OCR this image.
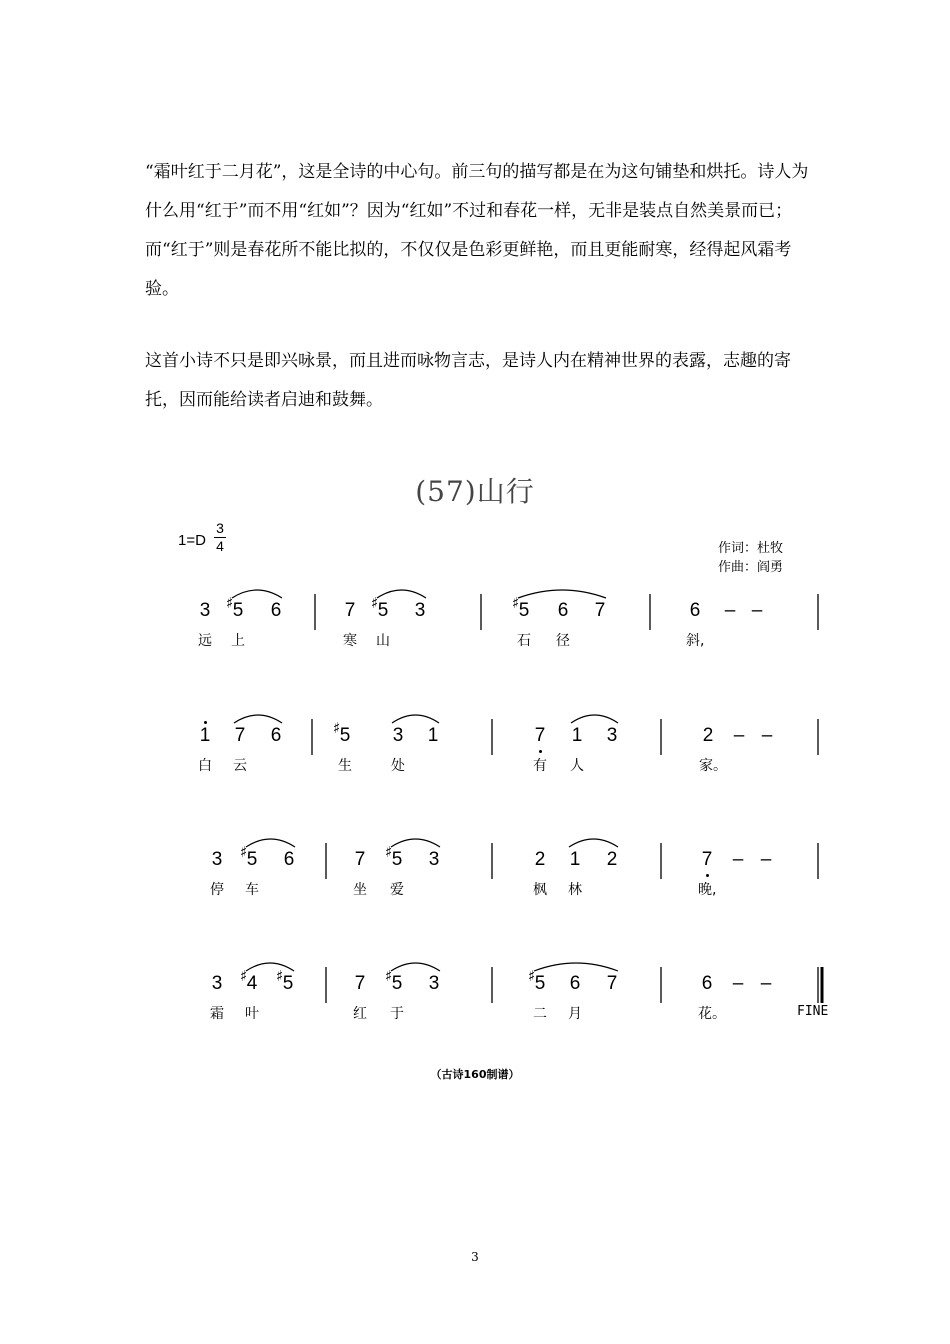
“霜叶红于二月花”，这是全诗的中心句。前三句的描写都是在为这句铺垫和烘托。诗人为什么用“红于”而不用“红如”？因为“红如”不过和春花一样，无非是装点自然美景而已；而“红于”则是春花所不能比拟的，不仅仅是色彩更鲜艳，而且更能耐寒，经得起风霜考验。

这首小诗不只是即兴咏景，而且进而咏物言志，是诗人内在精神世界的表露，志趣的寄托，因而能给读者启迪和鼓舞。

(57)山行
1=D
3
4	作词：杜牧
作曲：阎勇
3 5
♯ 6	7 5
♯ 3	5
♯ 6 7	6 – –
远 上	寒 山	石 径	斜,
1 7 6	5
♯	3 1	7 1 3	2 – –
白 云	生	处	有 人	家。
3 5
♯ 6	7 5
♯ 3	2 1 2	7 – –
停 车	坐 爱	枫 林	晚,
3 4
♯ 5
♯	7 5
♯ 3	5
♯ 6 7	6 – –
霜 叶	红 于	二 月	花。	FINE
（古诗160制谱）
3
